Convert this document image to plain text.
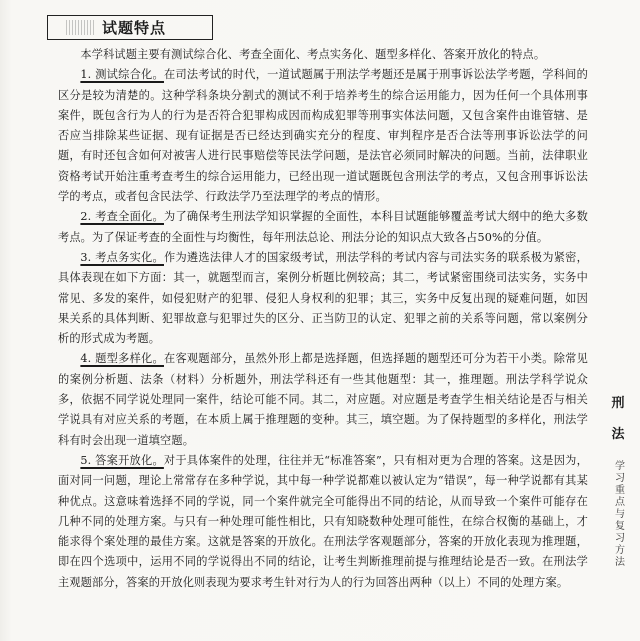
试题特点

本学科试题主要有测试综合化、考查全面化、考点实务化、题型多样化、答案开放化的特点。

1. 测试综合化。在司法考试的时代，一道试题属于刑法学考题还是属于刑事诉讼法学考题，学科间的区分是较为清楚的。这种学科条块分割式的测试不利于培养考生的综合运用能力，因为任何一个具体刑事案件，既包含行为人的行为是否符合犯罪构成因而构成犯罪等刑事实体法问题，又包含案件由谁管辖、是否应当排除某些证据、现有证据是否已经达到确实充分的程度、审判程序是否合法等刑事诉讼法学的问题，有时还包含如何对被害人进行民事赔偿等民法学问题，是法官必须同时解决的问题。当前，法律职业资格考试开始注重考查考生的综合运用能力，已经出现一道试题既包含刑法学的考点，又包含刑事诉讼法学的考点，或者包含民法学、行政法学乃至法理学的考点的情形。

2. 考查全面化。为了确保考生刑法学知识掌握的全面性，本科目试题能够覆盖考试大纲中的绝大多数考点。为了保证考查的全面性与均衡性，每年刑法总论、刑法分论的知识点大致各占50%的分值。

3. 考点务实化。作为遴选法律人才的国家级考试，刑法学科的考试内容与司法实务的联系极为紧密，具体表现在如下方面：其一，就题型而言，案例分析题比例较高；其二，考试紧密围绕司法实务，实务中常见、多发的案件，如侵犯财产的犯罪、侵犯人身权利的犯罪；其三，实务中反复出现的疑难问题，如因果关系的具体判断、犯罪故意与犯罪过失的区分、正当防卫的认定、犯罪之前的关系等问题，常以案例分析的形式成为考题。

4. 题型多样化。在客观题部分，虽然外形上都是选择题，但选择题的题型还可分为若干小类。除常见的案例分析题、法条（材料）分析题外，刑法学科还有一些其他题型：其一，推理题。刑法学科学说众多，依据不同学说处理同一案件，结论可能不同。其二，对应题。对应题是考查学生相关结论是否与相关学说具有对应关系的考题，在本质上属于推理题的变种。其三，填空题。为了保持题型的多样化，刑法学科有时会出现一道填空题。

5. 答案开放化。对于具体案件的处理，往往并无“标准答案”，只有相对更为合理的答案。这是因为，面对同一问题，理论上常常存在多种学说，其中每一种学说都难以被认定为“错误”，每一种学说都有其某种优点。这意味着选择不同的学说，同一个案件就完全可能得出不同的结论，从而导致一个案件可能存在几种不同的处理方案。与只有一种处理可能性相比，只有知晓数种处理可能性，在综合权衡的基础上，才能求得个案处理的最佳方案。这就是答案的开放化。在刑法学客观题部分，答案的开放化表现为推理题，即在四个选项中，运用不同的学说得出不同的结论，让考生判断推理前提与推理结论是否一致。在刑法学主观题部分，答案的开放化则表现为要求考生针对行为人的行为回答出两种（以上）不同的处理方案。

刑
法
学习重点与复习方法
